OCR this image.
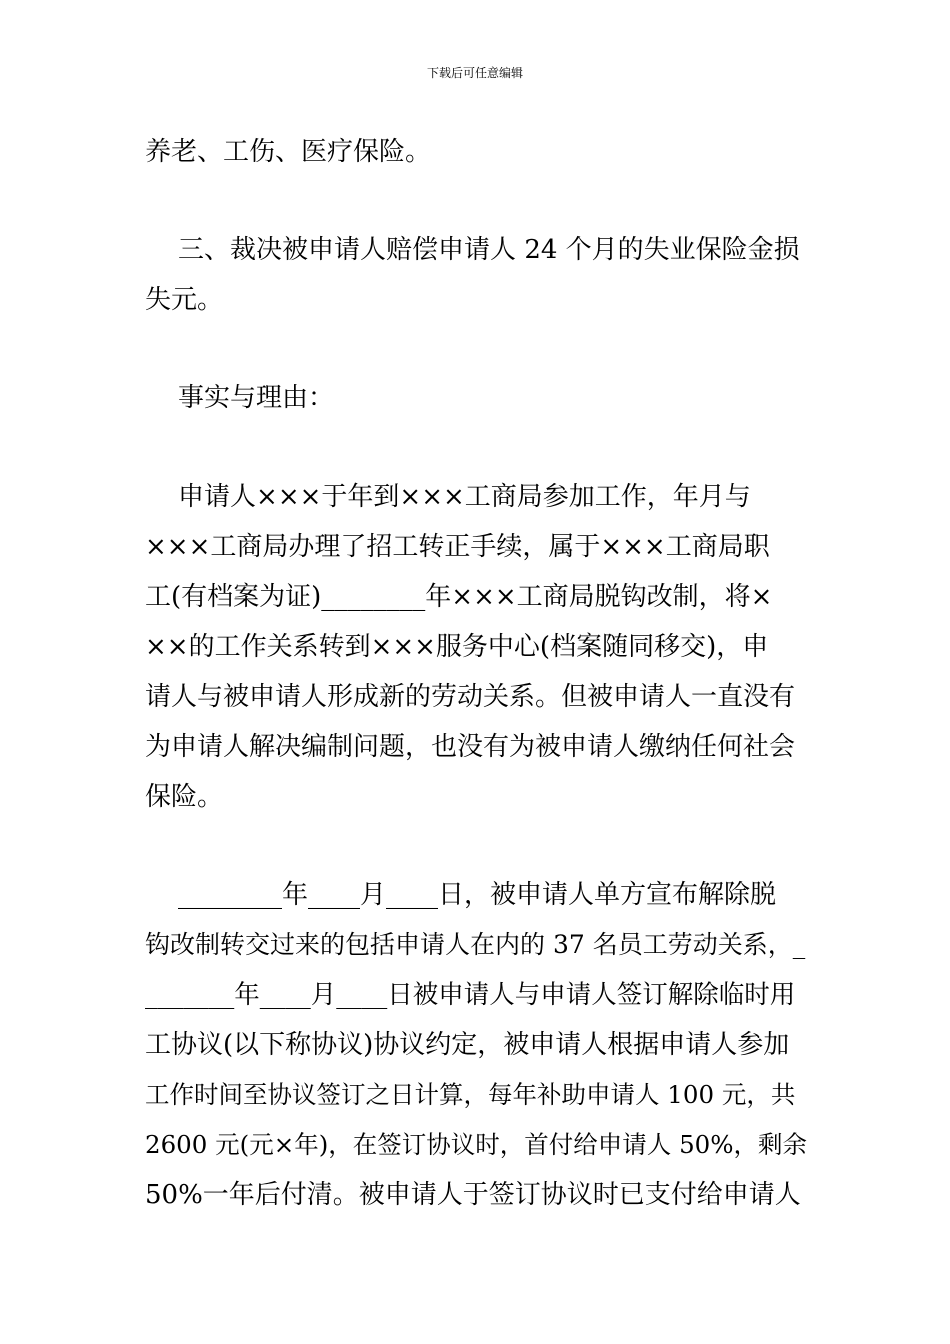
下载后可任意编辑
养老、工伤、医疗保险。
三、裁决被申请人赔偿申请人 24 个月的失业保险金损
失元。
事实与理由：
申请人×××于年到×××工商局参加工作，年月与
×××工商局办理了招工转正手续，属于×××工商局职
工(有档案为证)________年×××工商局脱钩改制，将×
××的工作关系转到×××服务中心(档案随同移交)，申
请人与被申请人形成新的劳动关系。但被申请人一直没有
为申请人解决编制问题，也没有为被申请人缴纳任何社会
保险。
________年____月____日，被申请人单方宣布解除脱
钩改制转交过来的包括申请人在内的 37 名员工劳动关系，_
_______年____月____日被申请人与申请人签订解除临时用
工协议(以下称协议)协议约定，被申请人根据申请人参加
工作时间至协议签订之日计算，每年补助申请人 100 元，共
2600 元(元×年)，在签订协议时，首付给申请人 50%，剩余
50%一年后付清。被申请人于签订协议时已支付给申请人
